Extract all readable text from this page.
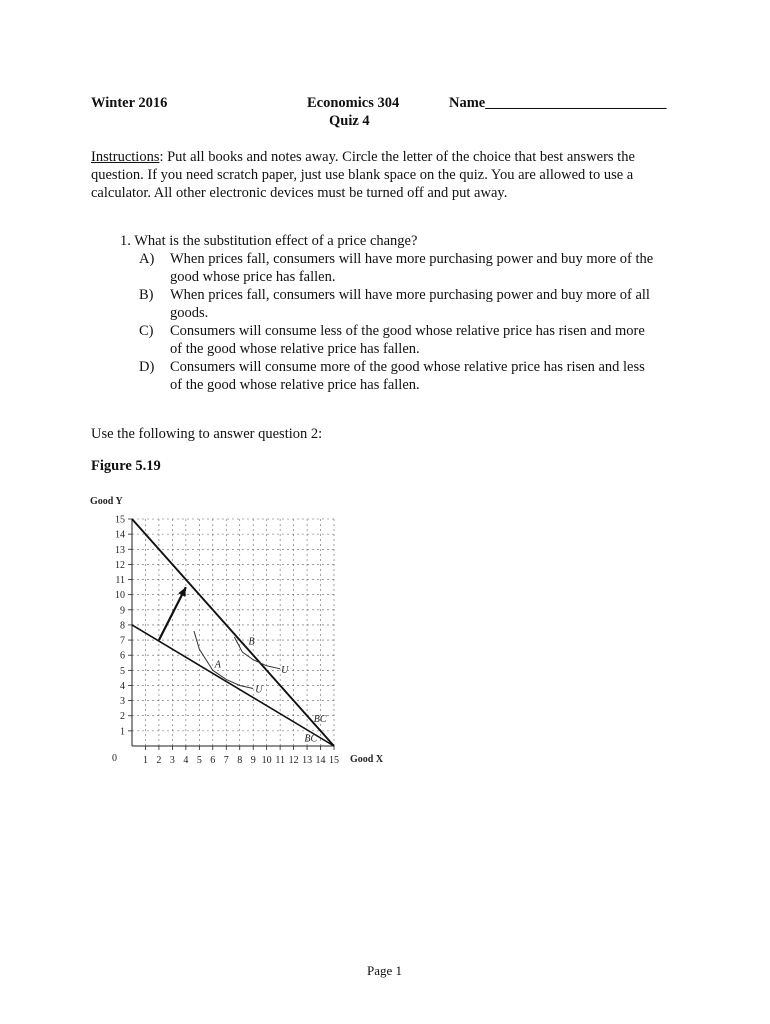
Winter 2016	Economics 304
Quiz 4
Name_________________________
Instructions: Put all books and notes away. Circle the letter of the choice that best answers the
question. If you need scratch paper, just use blank space on the quiz. You are allowed to use a
calculator. All other electronic devices must be turned off and put away.
1. What is the substitution effect of a price change?
A) When prices fall, consumers will have more purchasing power and buy more of the
good whose price has fallen.
B) When prices fall, consumers will have more purchasing power and buy more of all
goods.
C) Consumers will consume less of the good whose relative price has risen and more
of the good whose relative price has fallen.
D) Consumers will consume more of the good whose relative price has risen and less
of the good whose relative price has fallen.
Use the following to answer question 2:
Figure 5.19
1 2 3 4 5 6 7 8 9 10 11 12 13 14 15
1
2
3
4
5
6
7
8
9
10
11
12
13
14
15
0
Good Y
Good X
BC
BC
U
U
A
B
Page 1
